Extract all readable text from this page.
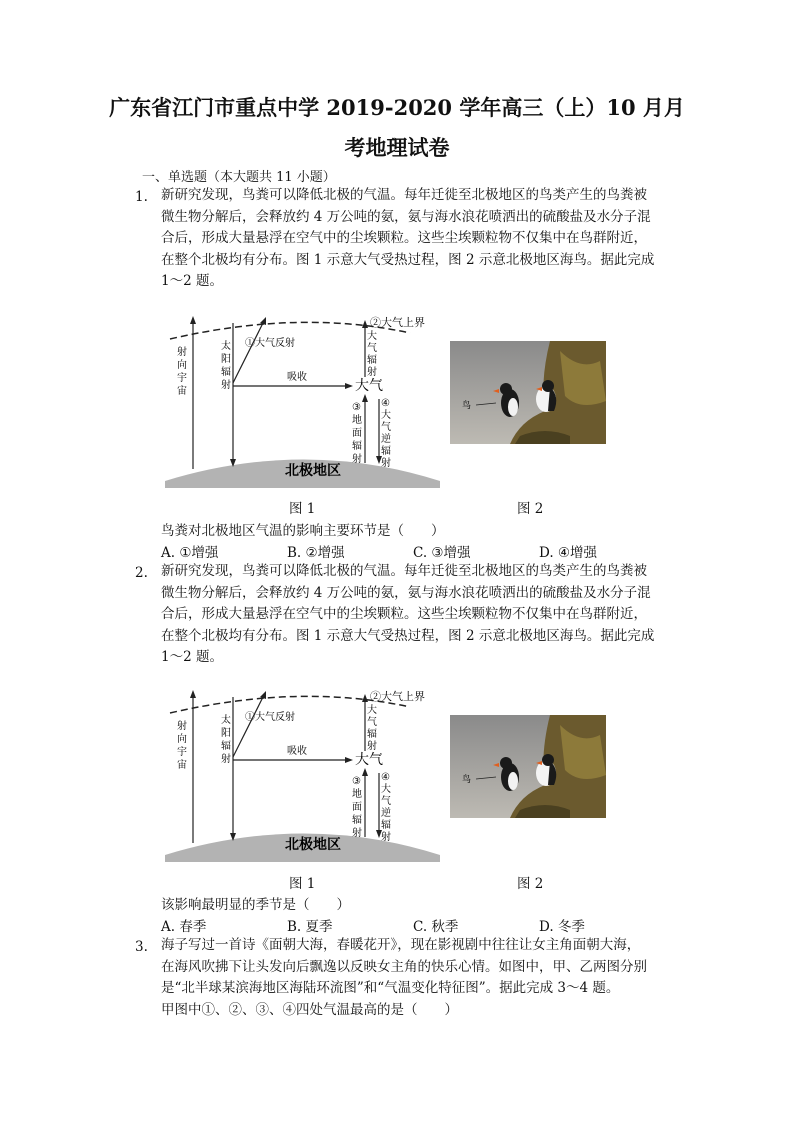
广东省江门市重点中学 2019-2020 学年高三（上）10 月月
考地理试卷
一、单选题（本大题共 11 小题）
1. 新研究发现，鸟粪可以降低北极的气温。每年迁徙至北极地区的鸟类产生的鸟粪被
微生物分解后，会释放约 4 万公吨的氨，氨与海水浪花喷洒出的硫酸盐及水分子混
合后，形成大量悬浮在空气中的尘埃颗粒。这些尘埃颗粒物不仅集中在鸟群附近，
在整个北极均有分布。图 1 示意大气受热过程，图 2 示意北极地区海鸟。据此完成
1～2 题。
射向宇宙
太阳辐射
①大气反射
吸收
大气
②大气上界
大气辐射
③ 地面辐射
④ 大气逆辐射
北极地区
鸟
图 1	图 2
鸟粪对北极地区气温的影响主要环节是（　　）
A. ①增强	B. ②增强	C. ③增强	D. ④增强
2. 新研究发现，鸟粪可以降低北极的气温。每年迁徙至北极地区的鸟类产生的鸟粪被
微生物分解后，会释放约 4 万公吨的氨，氨与海水浪花喷洒出的硫酸盐及水分子混
合后，形成大量悬浮在空气中的尘埃颗粒。这些尘埃颗粒物不仅集中在鸟群附近，
在整个北极均有分布。图 1 示意大气受热过程，图 2 示意北极地区海鸟。据此完成
1～2 题。
射向宇宙
太阳辐射
①大气反射
吸收
大气
②大气上界
大气辐射
③ 地面辐射
④ 大气逆辐射
北极地区
鸟
图 1	图 2
该影响最明显的季节是（　　）
A. 春季	B. 夏季	C. 秋季	D. 冬季
3. 海子写过一首诗《面朝大海，春暖花开》，现在影视剧中往往让女主角面朝大海，
在海风吹拂下让头发向后飘逸以反映女主角的快乐心情。如图中，甲、乙两图分别
是“北半球某滨海地区海陆环流图”和“气温变化特征图”。据此完成 3～4 题。
甲图中①、②、③、④四处气温最高的是（　　）
